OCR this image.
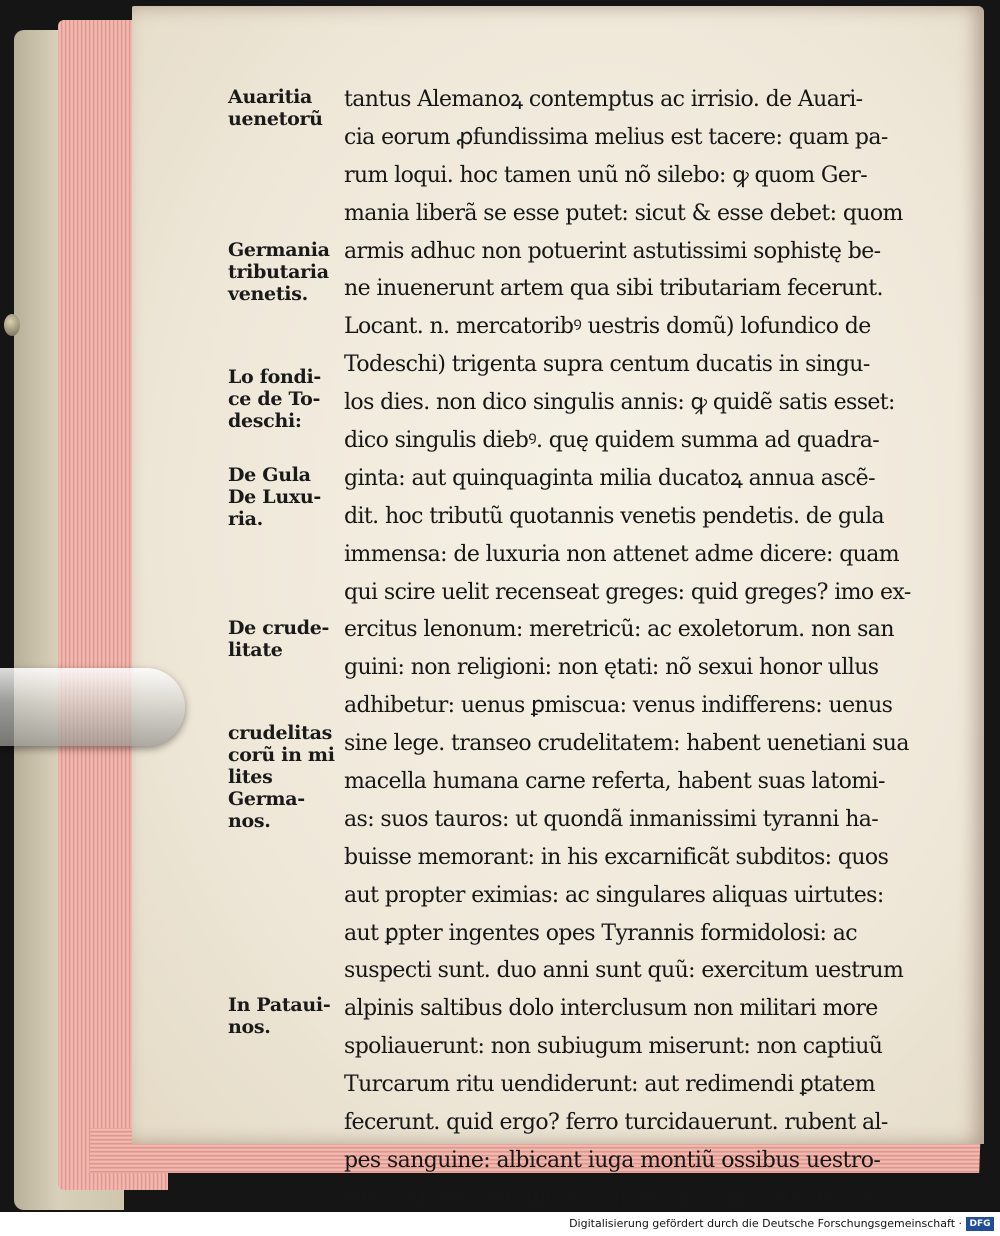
Auaritia
uenetorũ
Germania
tributaria
venetis.
Lo fondi-
ce de To-
deschi:
De Gula
De Luxu-
ria.
De crude-
litate
crudelitas
corũ in mi
lites
Germa-
nos.
In Pataui-
nos.
tantus Alemanoꝝ contemptus ac irrisio. de Auari-
cia eorum ꝓfundissima melius est tacere: quam pa-
rum loqui. hoc tamen unũ nõ silebo: ꝙ quom Ger-
mania liberã se esse putet: sicut & esse debet: quom
armis adhuc non potuerint astutissimi sophistę be-
ne inuenerunt artem qua sibi tributariam fecerunt.
Locant. n. mercatoribꝰ uestris domũ) lofundico de
Todeschi) trigenta supra centum ducatis in singu-
los dies. non dico singulis annis: ꝙ quidẽ satis esset:
dico singulis diebꝰ. quę quidem summa ad quadra-
ginta: aut quinquaginta milia ducatoꝝ annua ascẽ-
dit. hoc tributũ quotannis venetis pendetis. de gula
immensa: de luxuria non attenet adme dicere: quam
qui scire uelit recenseat greges: quid greges? imo ex-
ercitus lenonum: meretricũ: ac exoletorum. non san
guini: non religioni: non ętati: nõ sexui honor ullus
adhibetur: uenus ꝑmiscua: venus indifferens: uenus
sine lege. transeo crudelitatem: habent uenetiani sua
macella humana carne referta, habent suas latomi-
as: suos tauros: ut quondã inmanissimi tyranni ha-
buisse memorant: in his excarnificãt subditos: quos
aut propter eximias: ac singulares aliquas uirtutes:
aut ꝑpter ingentes opes Tyrannis formidolosi: ac
suspecti sunt. duo anni sunt quũ: exercitum uestrum
alpinis saltibus dolo interclusum non militari more
spoliauerunt: non subiugum miserunt: non captiuũ
Turcarum ritu uendiderunt: aut redimendi ꝑtatem
fecerunt. quid ergo? ferro turcidauerunt. rubent al-
pes sanguine: albicant iuga montiũ ossibus uestro-
rum ciuium. Patauinus senatus ꝙ uobis studuisset:
Digitalisierung gefördert durch die Deutsche Forschungsgemeinschaft · DFG
